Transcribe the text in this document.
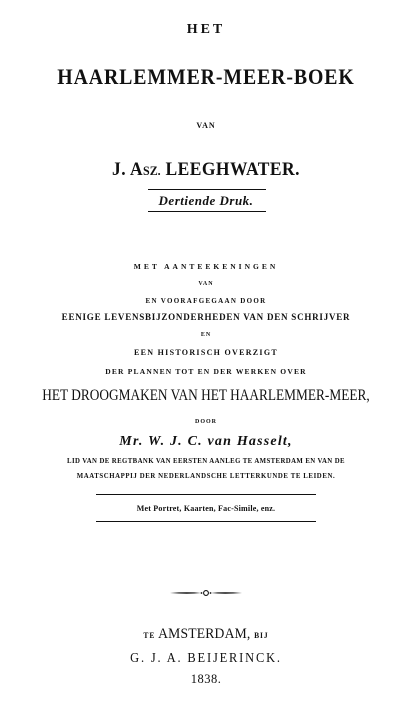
HET
HAARLEMMER-MEER-BOEK
VAN
J. ASZ. LEEGHWATER.
Dertiende Druk.
MET AANTEEKENINGEN
VAN
EN VOORAFGEGAAN DOOR
EENIGE LEVENSBIJZONDERHEDEN VAN DEN SCHRIJVER
EN
EEN HISTORISCH OVERZIGT
DER PLANNEN TOT EN DER WERKEN OVER
HET DROOGMAKEN VAN HET HAARLEMMER-MEER,
DOOR
Mr. W. J. C. van Hasselt,
LID VAN DE REGTBANK VAN EERSTEN AANLEG TE AMSTERDAM EN VAN DE
MAATSCHAPPIJ DER NEDERLANDSCHE LETTERKUNDE TE LEIDEN.
Met Portret, Kaarten, Fac-Simile, enz.
TE AMSTERDAM, BIJ
G. J. A. BEIJERINCK.
1838.
